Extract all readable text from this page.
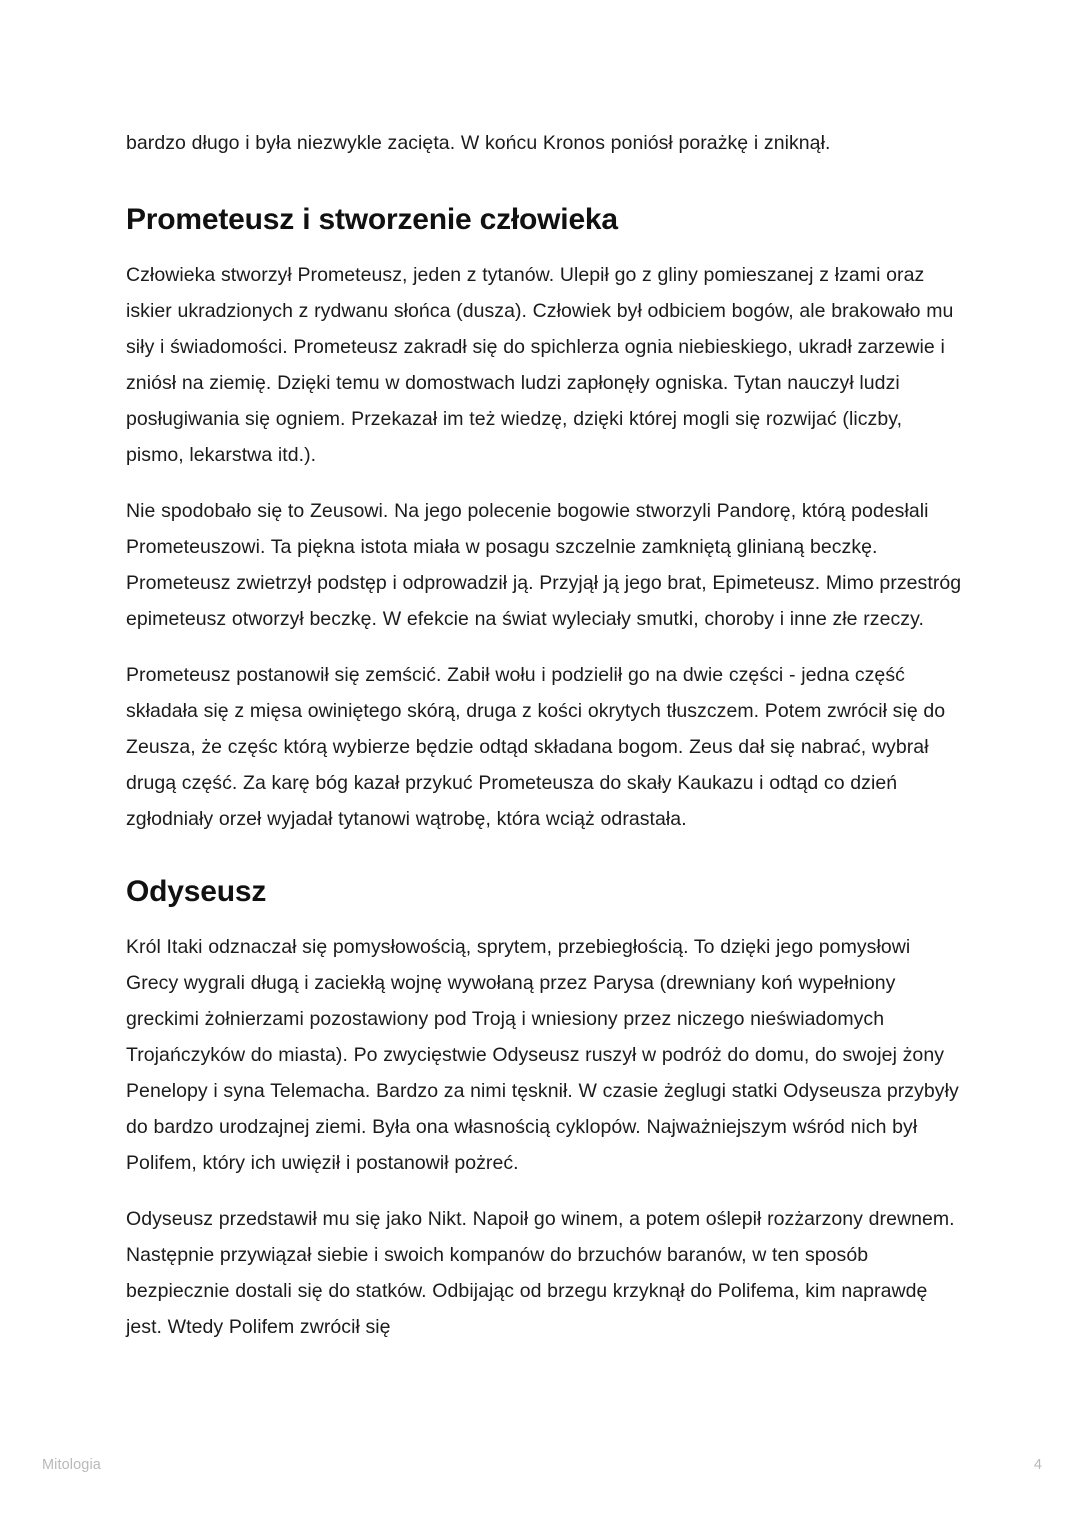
bardzo długo i była niezwykle zacięta. W końcu Kronos poniósł porażkę i zniknął.

Prometeusz i stworzenie człowieka

Człowieka stworzył Prometeusz, jeden z tytanów. Ulepił go z gliny pomieszanej z łzami oraz iskier ukradzionych z rydwanu słońca (dusza). Człowiek był odbiciem bogów, ale brakowało mu siły i świadomości. Prometeusz zakradł się do spichlerza ognia niebieskiego, ukradł zarzewie i zniósł na ziemię. Dzięki temu w domostwach ludzi zapłonęły ogniska. Tytan nauczył ludzi posługiwania się ogniem. Przekazał im też wiedzę, dzięki której mogli się rozwijać (liczby, pismo, lekarstwa itd.).

Nie spodobało się to Zeusowi. Na jego polecenie bogowie stworzyli Pandorę, którą podesłali Prometeuszowi. Ta piękna istota miała w posagu szczelnie zamkniętą glinianą beczkę. Prometeusz zwietrzył podstęp i odprowadził ją. Przyjął ją jego brat, Epimeteusz. Mimo przestróg epimeteusz otworzył beczkę. W efekcie na świat wyleciały smutki, choroby i inne złe rzeczy.

Prometeusz postanowił się zemścić. Zabił wołu i podzielił go na dwie części - jedna część składała się z mięsa owiniętego skórą, druga z kości okrytych tłuszczem. Potem zwrócił się do Zeusza, że częśc którą wybierze będzie odtąd składana bogom. Zeus dał się nabrać, wybrał drugą część. Za karę bóg kazał przykuć Prometeusza do skały Kaukazu i odtąd co dzień zgłodniały orzeł wyjadał tytanowi wątrobę, która wciąż odrastała.

Odyseusz

Król Itaki odznaczał się pomysłowością, sprytem, przebiegłością. To dzięki jego pomysłowi Grecy wygrali długą i zaciekłą wojnę wywołaną przez Parysa (drewniany koń wypełniony greckimi żołnierzami pozostawiony pod Troją i wniesiony przez niczego nieświadomych Trojańczyków do miasta). Po zwycięstwie Odyseusz ruszył w podróż do domu, do swojej żony Penelopy i syna Telemacha. Bardzo za nimi tęsknił. W czasie żeglugi statki Odyseusza przybyły do bardzo urodzajnej ziemi. Była ona własnością cyklopów. Najważniejszym wśród nich był Polifem, który ich uwięził i postanowił pożreć.

Odyseusz przedstawił mu się jako Nikt. Napoił go winem, a potem oślepił rozżarzony drewnem. Następnie przywiązał siebie i swoich kompanów do brzuchów baranów, w ten sposób bezpiecznie dostali się do statków. Odbijając od brzegu krzyknął do Polifema, kim naprawdę jest. Wtedy Polifem zwrócił się

Mitologia	4
